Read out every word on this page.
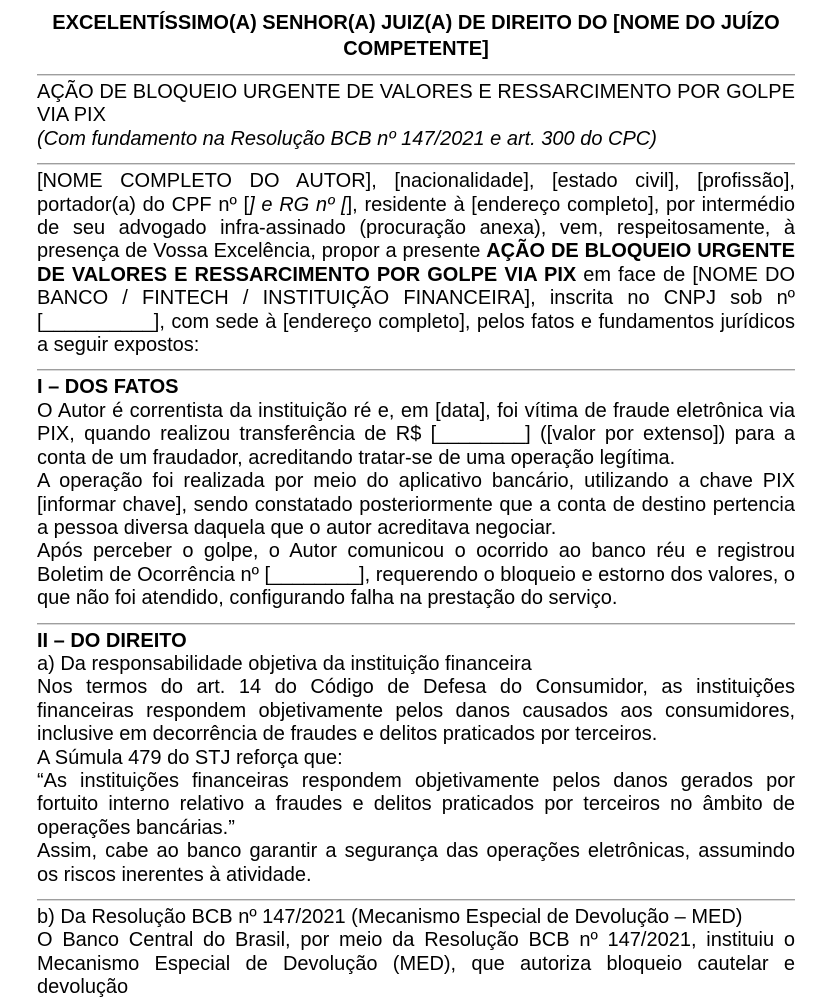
EXCELENTÍSSIMO(A) SENHOR(A) JUIZ(A) DE DIREITO DO [NOME DO JUÍZO COMPETENTE]

AÇÃO DE BLOQUEIO URGENTE DE VALORES E RESSARCIMENTO POR GOLPE VIA PIX

(Com fundamento na Resolução BCB nº 147/2021 e art. 300 do CPC)

[NOME COMPLETO DO AUTOR], [nacionalidade], [estado civil], [profissão], portador(a) do CPF nº [] e RG nº [], residente à [endereço completo], por intermédio de seu advogado infra-assinado (procuração anexa), vem, respeitosamente, à presença de Vossa Excelência, propor a presente AÇÃO DE BLOQUEIO URGENTE DE VALORES E RESSARCIMENTO POR GOLPE VIA PIX em face de [NOME DO BANCO / FINTECH / INSTITUIÇÃO FINANCEIRA], inscrita no CNPJ sob nº [__________], com sede à [endereço completo], pelos fatos e fundamentos jurídicos a seguir expostos:

I – DOS FATOS

O Autor é correntista da instituição ré e, em [data], foi vítima de fraude eletrônica via PIX, quando realizou transferência de R$ [________] ([valor por extenso]) para a conta de um fraudador, acreditando tratar-se de uma operação legítima.

A operação foi realizada por meio do aplicativo bancário, utilizando a chave PIX [informar chave], sendo constatado posteriormente que a conta de destino pertencia a pessoa diversa daquela que o autor acreditava negociar.

Após perceber o golpe, o Autor comunicou o ocorrido ao banco réu e registrou Boletim de Ocorrência nº [________], requerendo o bloqueio e estorno dos valores, o que não foi atendido, configurando falha na prestação do serviço.

II – DO DIREITO

a) Da responsabilidade objetiva da instituição financeira

Nos termos do art. 14 do Código de Defesa do Consumidor, as instituições financeiras respondem objetivamente pelos danos causados aos consumidores, inclusive em decorrência de fraudes e delitos praticados por terceiros.

A Súmula 479 do STJ reforça que:

“As instituições financeiras respondem objetivamente pelos danos gerados por fortuito interno relativo a fraudes e delitos praticados por terceiros no âmbito de operações bancárias.”

Assim, cabe ao banco garantir a segurança das operações eletrônicas, assumindo os riscos inerentes à atividade.

b) Da Resolução BCB nº 147/2021 (Mecanismo Especial de Devolução – MED)

O Banco Central do Brasil, por meio da Resolução BCB nº 147/2021, instituiu o Mecanismo Especial de Devolução (MED), que autoriza bloqueio cautelar e devolução
